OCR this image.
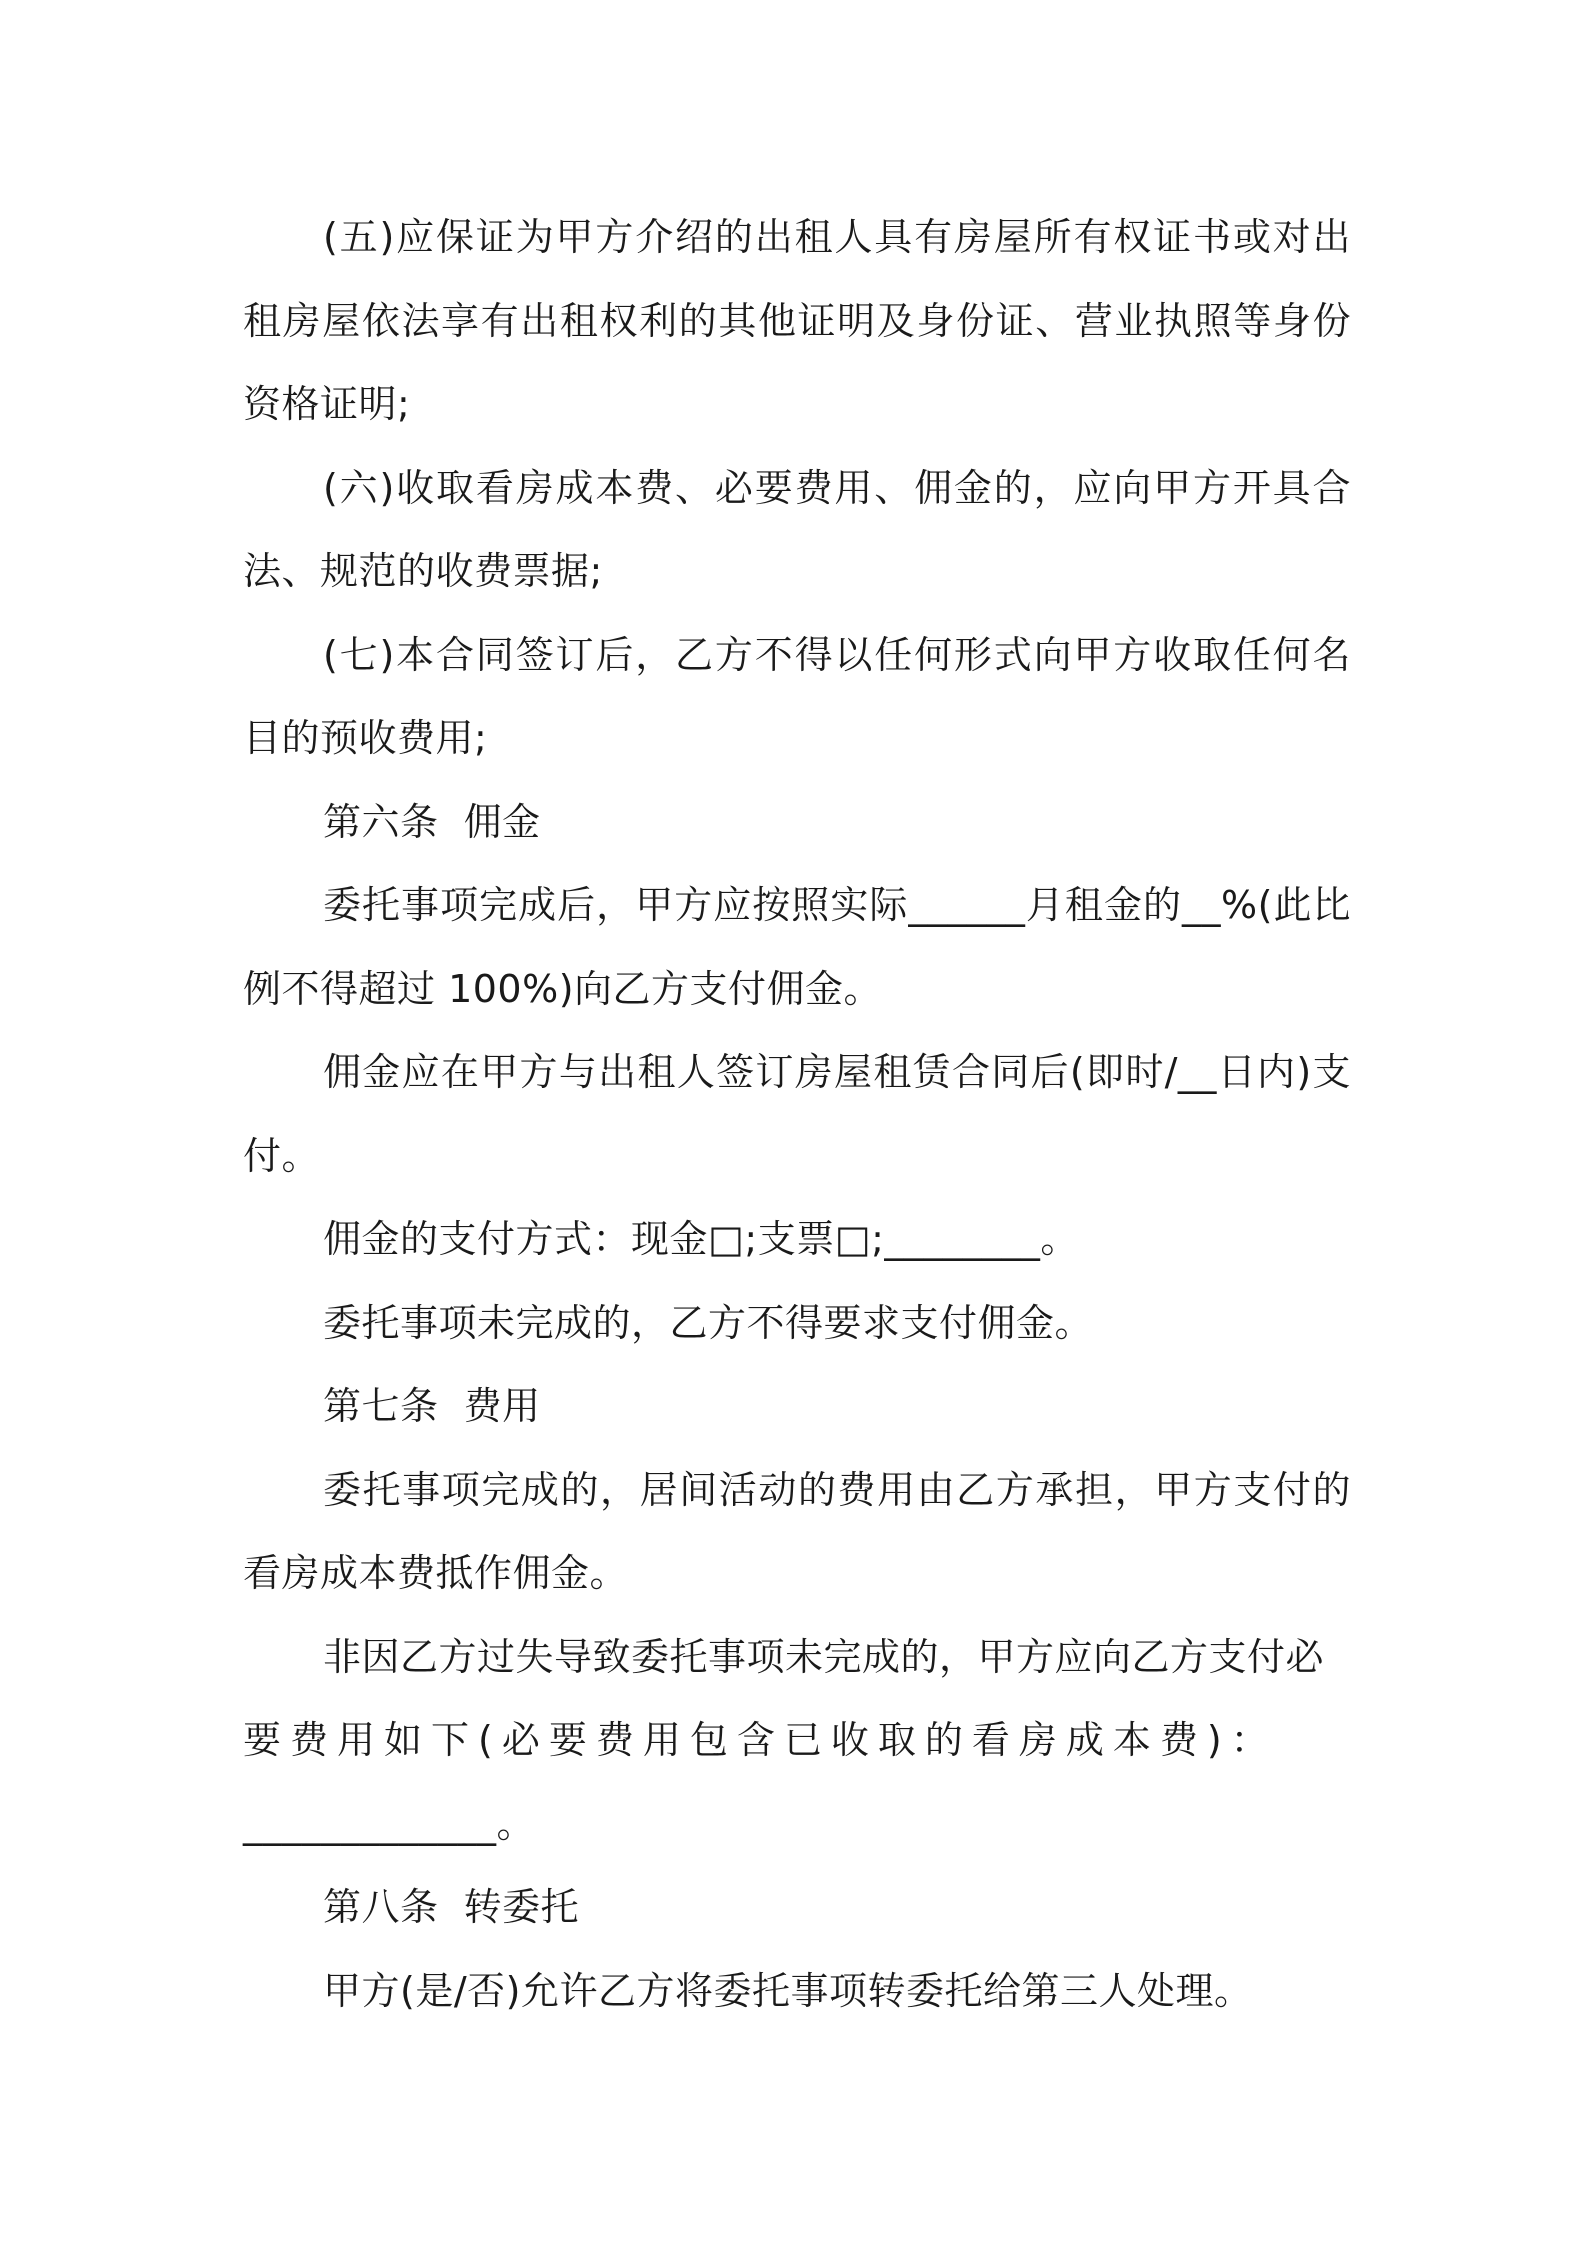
(五)应保证为甲方介绍的出租人具有房屋所有权证书或对出租房屋依法享有出租权利的其他证明及身份证、营业执照等身份资格证明;

(六)收取看房成本费、必要费用、佣金的，应向甲方开具合法、规范的收费票据;

(七)本合同签订后，乙方不得以任何形式向甲方收取任何名目的预收费用;

第六条  佣金

委托事项完成后，甲方应按照实际______月租金的__%(此比例不得超过 100%)向乙方支付佣金。

佣金应在甲方与出租人签订房屋租赁合同后(即时/__日内)支付。

佣金的支付方式：现金□;支票□;________。

委托事项未完成的，乙方不得要求支付佣金。

第七条  费用

委托事项完成的，居间活动的费用由乙方承担，甲方支付的看房成本费抵作佣金。

非因乙方过失导致委托事项未完成的，甲方应向乙方支付必

要费用如下(必要费用包含已收取的看房成本费)：

_____________。

第八条  转委托

甲方(是/否)允许乙方将委托事项转委托给第三人处理。
